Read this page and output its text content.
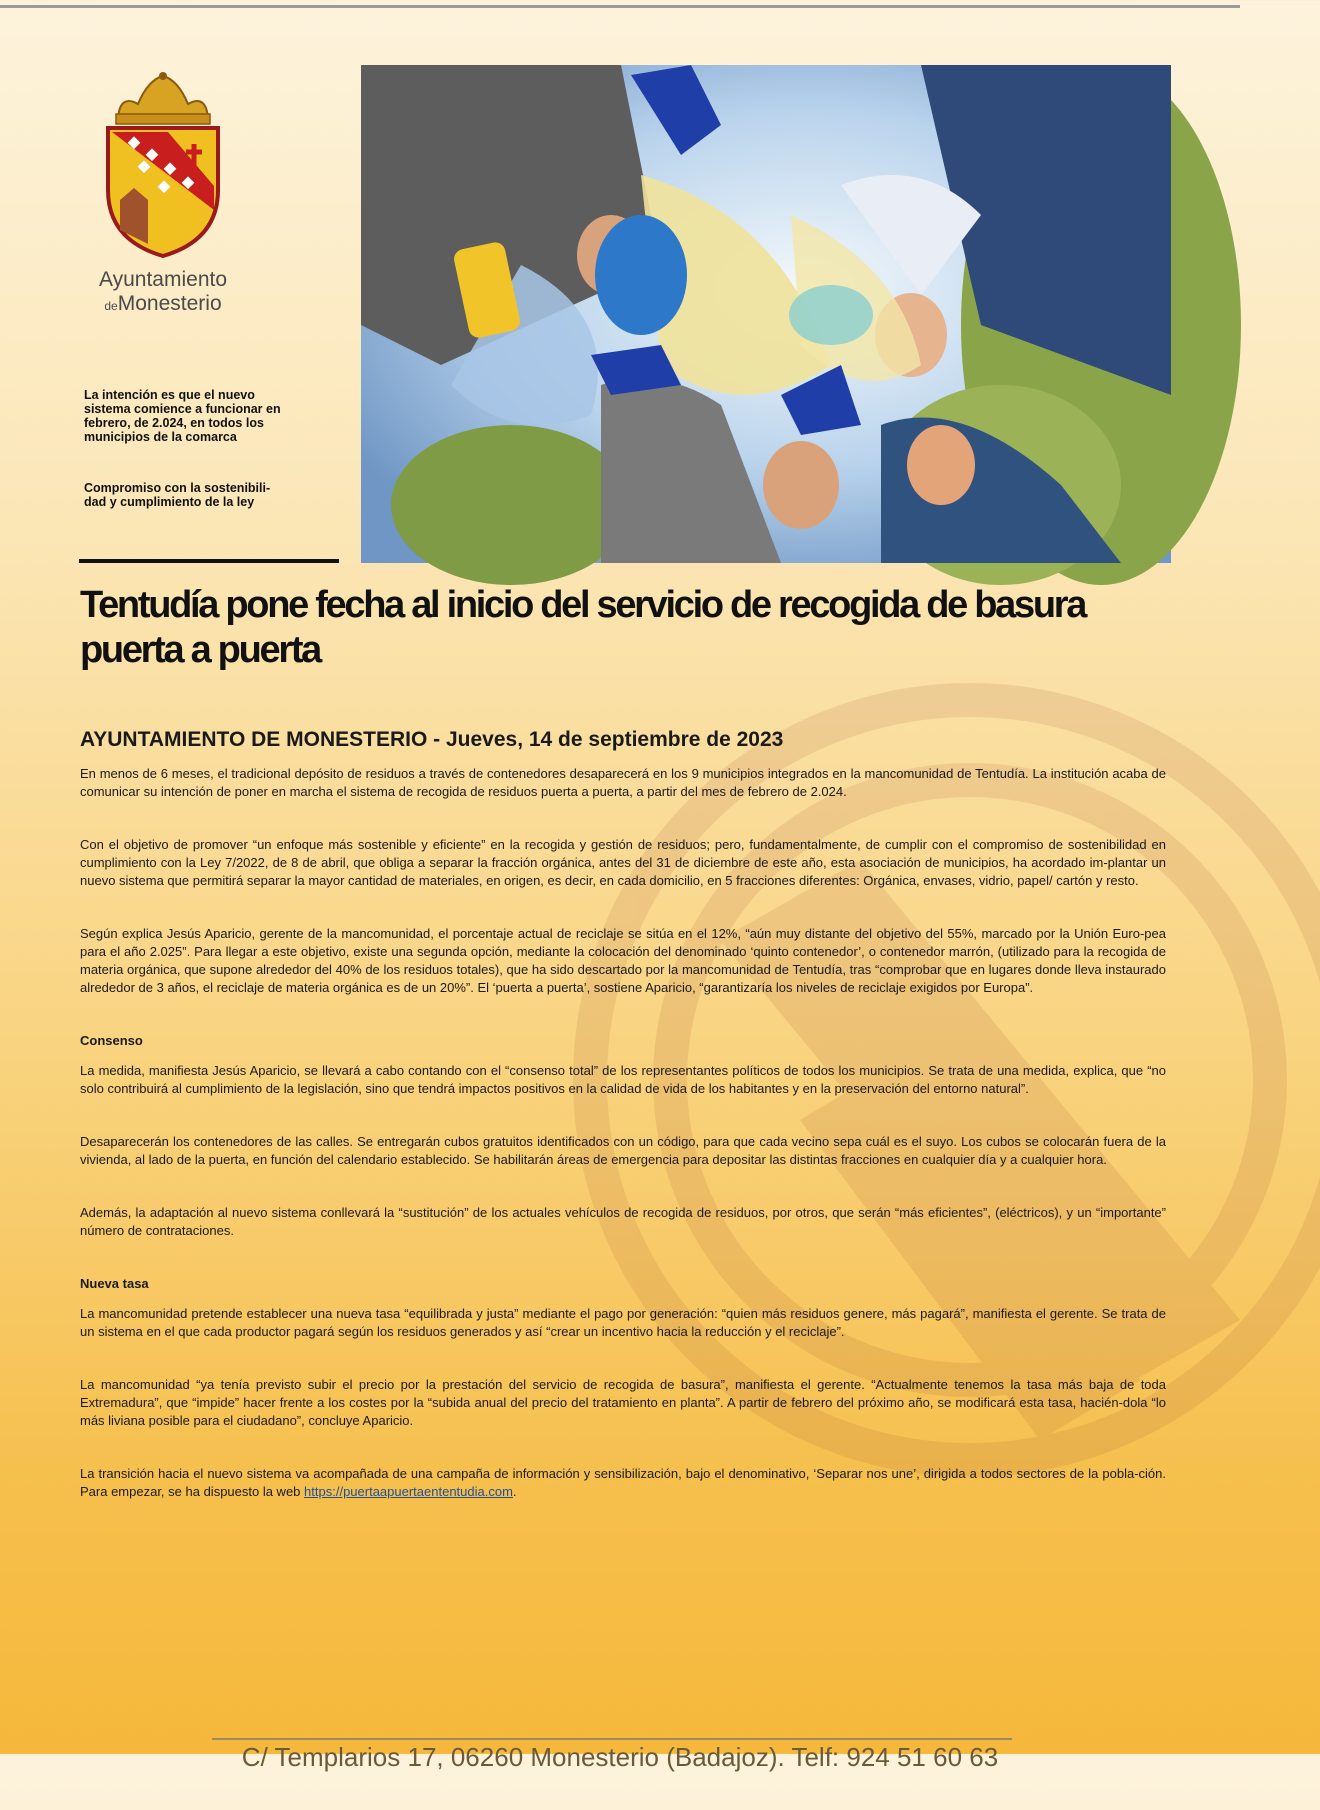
Ayuntamiento
deMonesterio
La intención es que el nuevo sistema comience a funcionar en febrero, de 2.024, en todos los municipios de la comarca
Compromiso con la sostenibili-dad y cumplimiento de la ley
Tentudía pone fecha al inicio del servicio de recogida de basura puerta a puerta
AYUNTAMIENTO DE MONESTERIO - Jueves, 14 de septiembre de 2023

En menos de 6 meses, el tradicional depósito de residuos a través de contenedores desaparecerá en los 9 municipios integrados en la mancomunidad de Tentudía. La institución acaba de comunicar su intención de poner en marcha el sistema de recogida de residuos puerta a puerta, a partir del mes de febrero de 2.024.

Con el objetivo de promover “un enfoque más sostenible y eficiente” en la recogida y gestión de residuos; pero, fundamentalmente, de cumplir con el compromiso de sostenibilidad en cumplimiento con la Ley 7/2022, de 8 de abril, que obliga a separar la fracción orgánica, antes del 31 de diciembre de este año, esta asociación de municipios, ha acordado im-plantar un nuevo sistema que permitirá separar la mayor cantidad de materiales, en origen, es decir, en cada domicilio, en 5 fracciones diferentes: Orgánica, envases, vidrio, papel/ cartón y resto.

Según explica Jesús Aparicio, gerente de la mancomunidad, el porcentaje actual de reciclaje se sitúa en el 12%, “aún muy distante del objetivo del 55%, marcado por la Unión Euro-pea para el año 2.025”. Para llegar a este objetivo, existe una segunda opción, mediante la colocación del denominado ‘quinto contenedor’, o contenedor marrón, (utilizado para la recogida de materia orgánica, que supone alrededor del 40% de los residuos totales), que ha sido descartado por la mancomunidad de Tentudía, tras “comprobar que en lugares donde lleva instaurado alrededor de 3 años, el reciclaje de materia orgánica es de un 20%”. El ‘puerta a puerta’, sostiene Aparicio, “garantizaría los niveles de reciclaje exigidos por Europa”.

Consenso

La medida, manifiesta Jesús Aparicio, se llevará a cabo contando con el “consenso total” de los representantes políticos de todos los municipios. Se trata de una medida, explica, que “no solo contribuirá al cumplimiento de la legislación, sino que tendrá impactos positivos en la calidad de vida de los habitantes y en la preservación del entorno natural”.

Desaparecerán los contenedores de las calles. Se entregarán cubos gratuitos identificados con un código, para que cada vecino sepa cuál es el suyo. Los cubos se colocarán fuera de la vivienda, al lado de la puerta, en función del calendario establecido. Se habilitarán áreas de emergencia para depositar las distintas fracciones en cualquier día y a cualquier hora.

Además, la adaptación al nuevo sistema conllevará la “sustitución” de los actuales vehículos de recogida de residuos, por otros, que serán “más eficientes”, (eléctricos), y un “importante” número de contrataciones.

Nueva tasa

La mancomunidad pretende establecer una nueva tasa “equilibrada y justa” mediante el pago por generación: “quien más residuos genere, más pagará”, manifiesta el gerente. Se trata de un sistema en el que cada productor pagará según los residuos generados y así “crear un incentivo hacia la reducción y el reciclaje”.

La mancomunidad “ya tenía previsto subir el precio por la prestación del servicio de recogida de basura”, manifiesta el gerente. “Actualmente tenemos la tasa más baja de toda Extremadura”, que “impide” hacer frente a los costes por la “subida anual del precio del tratamiento en planta”. A partir de febrero del próximo año, se modificará esta tasa, hacién-dola “lo más liviana posible para el ciudadano”, concluye Aparicio.

La transición hacia el nuevo sistema va acompañada de una campaña de información y sensibilización, bajo el denominativo, ‘Separar nos une’, dirigida a todos sectores de la pobla-ción. Para empezar, se ha dispuesto la web https://puertaapuertaententudia.com.

C/ Templarios 17, 06260 Monesterio (Badajoz). Telf: 924 51 60 63
